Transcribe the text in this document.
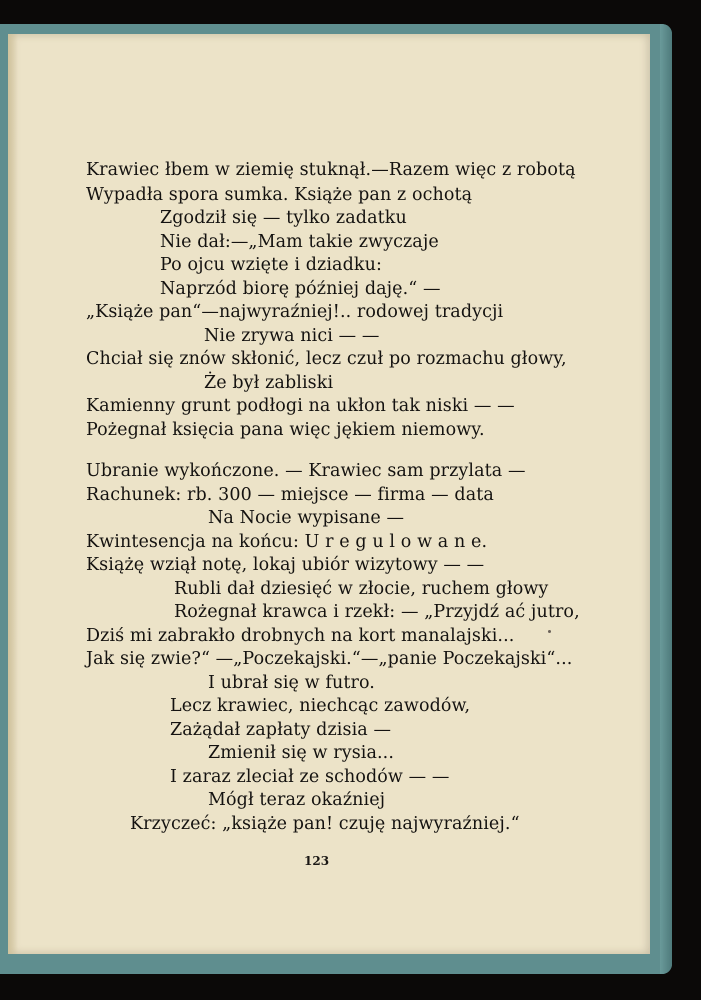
Krawiec łbem w ziemię stuknął.—Razem więc z robotą
Wypadła spora sumka. Książe pan z ochotą
Zgodził się — tylko zadatku
Nie dał:—„Mam takie zwyczaje
Po ojcu wzięte i dziadku:
Naprzód biorę później daję.“ —
„Książe pan“—najwyraźniej!.. rodowej tradycji
Nie zrywa nici — —
Chciał się znów skłonić, lecz czuł po rozmachu głowy,
Że był zabliski
Kamienny grunt podłogi na ukłon tak niski — —
Pożegnał księcia pana więc jękiem niemowy.
Ubranie wykończone. — Krawiec sam przylata —
Rachunek: rb. 300 — miejsce — firma — data
Na Nocie wypisane —
Kwintesencja na końcu: U r e g u l o w a n e.
Książę wziął notę, lokaj ubiór wizytowy — —
Rubli dał dziesięć w złocie, ruchem głowy
Rożegnał krawca i rzekł: — „Przyjdź ać jutro,
Dziś mi zabrakło drobnych na kort manalajski...
Jak się zwie?“ —„Poczekajski.“—„panie Poczekajski“...
I ubrał się w futro.
Lecz krawiec, niechcąc zawodów,
Zażądał zapłaty dzisia —
Zmienił się w rysia...
I zaraz zleciał ze schodów — —
Mógł teraz okaźniej
Krzyczeć: „książe pan! czuję najwyraźniej.“
123
